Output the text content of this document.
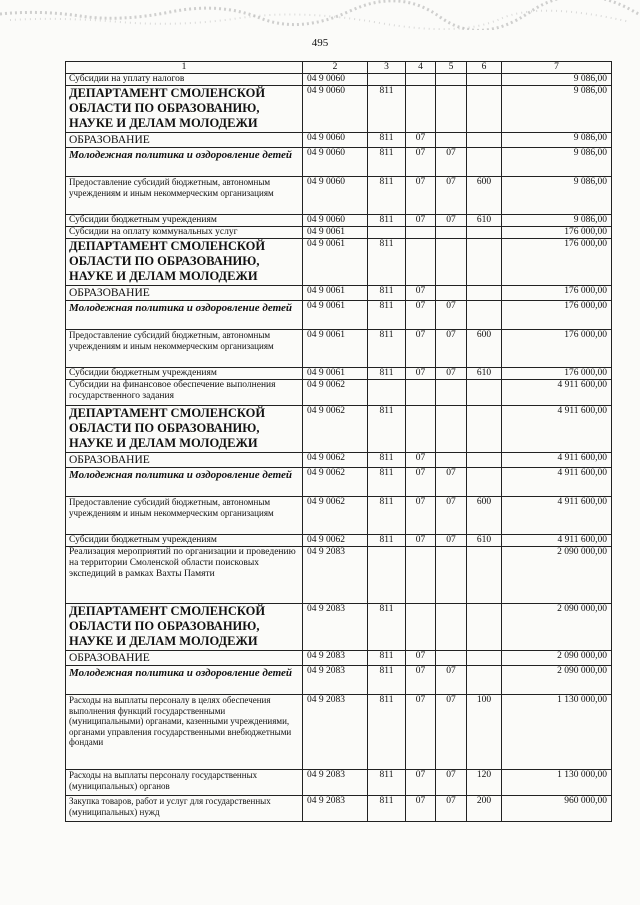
495
1	2	3	4	5	6	7
Субсидии на уплату налогов	04 9 0060					9 086,00
ДЕПАРТАМЕНТ СМОЛЕНСКОЙ ОБЛАСТИ ПО ОБРАЗОВАНИЮ, НАУКЕ И ДЕЛАМ МОЛОДЕЖИ	04 9 0060	811				9 086,00
ОБРАЗОВАНИЕ	04 9 0060	811	07			9 086,00
Молодежная политика и оздоровление детей	04 9 0060	811	07	07		9 086,00
Предоставление субсидий бюджетным, автономным учреждениям и иным некоммерческим организациям	04 9 0060	811	07	07	600	9 086,00
Субсидии бюджетным учреждениям	04 9 0060	811	07	07	610	9 086,00
Субсидии на оплату коммунальных услуг	04 9 0061					176 000,00
ДЕПАРТАМЕНТ СМОЛЕНСКОЙ ОБЛАСТИ ПО ОБРАЗОВАНИЮ, НАУКЕ И ДЕЛАМ МОЛОДЕЖИ	04 9 0061	811				176 000,00
ОБРАЗОВАНИЕ	04 9 0061	811	07			176 000,00
Молодежная политика и оздоровление детей	04 9 0061	811	07	07		176 000,00
Предоставление субсидий бюджетным, автономным учреждениям и иным некоммерческим организациям	04 9 0061	811	07	07	600	176 000,00
Субсидии бюджетным учреждениям	04 9 0061	811	07	07	610	176 000,00
Субсидии на финансовое обеспечение выполнения государственного задания	04 9 0062					4 911 600,00
ДЕПАРТАМЕНТ СМОЛЕНСКОЙ ОБЛАСТИ ПО ОБРАЗОВАНИЮ, НАУКЕ И ДЕЛАМ МОЛОДЕЖИ	04 9 0062	811				4 911 600,00
ОБРАЗОВАНИЕ	04 9 0062	811	07			4 911 600,00
Молодежная политика и оздоровление детей	04 9 0062	811	07	07		4 911 600,00
Предоставление субсидий бюджетным, автономным учреждениям и иным некоммерческим организациям	04 9 0062	811	07	07	600	4 911 600,00
Субсидии бюджетным учреждениям	04 9 0062	811	07	07	610	4 911 600,00
Реализация мероприятий по организации и проведению на территории Смоленской области поисковых экспедиций в рамках Вахты Памяти	04 9 2083					2 090 000,00
ДЕПАРТАМЕНТ СМОЛЕНСКОЙ ОБЛАСТИ ПО ОБРАЗОВАНИЮ, НАУКЕ И ДЕЛАМ МОЛОДЕЖИ	04 9 2083	811				2 090 000,00
ОБРАЗОВАНИЕ	04 9 2083	811	07			2 090 000,00
Молодежная политика и оздоровление детей	04 9 2083	811	07	07		2 090 000,00
Расходы на выплаты персоналу в целях обеспечения выполнения функций государственными (муниципальными) органами, казенными учреждениями, органами управления государственными внебюджетными фондами	04 9 2083	811	07	07	100	1 130 000,00
Расходы на выплаты персоналу государственных (муниципальных) органов	04 9 2083	811	07	07	120	1 130 000,00
Закупка товаров, работ и услуг для государственных (муниципальных) нужд	04 9 2083	811	07	07	200	960 000,00
